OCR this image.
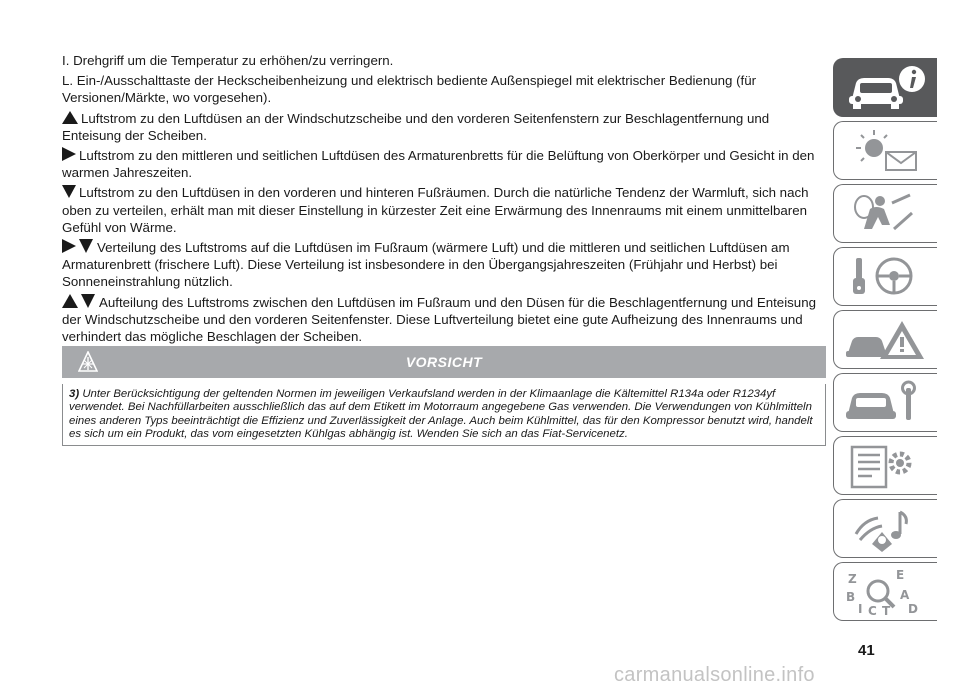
I. Drehgriff um die Temperatur zu erhöhen/zu verringern.

L. Ein-/Ausschalttaste der Heckscheibenheizung und elektrisch bediente Außenspiegel mit elektrischer Bedienung (für Versionen/Märkte, wo vorgesehen).

Luftstrom zu den Luftdüsen an der Windschutzscheibe und den vorderen Seitenfenstern zur Beschlagentfernung und Enteisung der Scheiben.

Luftstrom zu den mittleren und seitlichen Luftdüsen des Armaturenbretts für die Belüftung von Oberkörper und Gesicht in den warmen Jahreszeiten.

Luftstrom zu den Luftdüsen in den vorderen und hinteren Fußräumen. Durch die natürliche Tendenz der Warmluft, sich nach oben zu verteilen, erhält man mit dieser Einstellung in kürzester Zeit eine Erwärmung des Innenraums mit einem unmittelbaren Gefühl von Wärme.

Verteilung des Luftstroms auf die Luftdüsen im Fußraum (wärmere Luft) und die mittleren und seitlichen Luftdüsen am Armaturenbrett (frischere Luft). Diese Verteilung ist insbesondere in den Übergangsjahreszeiten (Frühjahr und Herbst) bei Sonneneinstrahlung nützlich.

Aufteilung des Luftstroms zwischen den Luftdüsen im Fußraum und den Düsen für die Beschlagentfernung und Enteisung der Windschutzscheibe und den vorderen Seitenfenster. Diese Luftverteilung bietet eine gute Aufheizung des Innenraums und verhindert das mögliche Beschlagen der Scheiben.

VORSICHT
3) Unter Berücksichtigung der geltenden Normen im jeweiligen Verkaufsland werden in der Klimaanlage die Kältemittel R134a oder R1234yf verwendet. Bei Nachfüllarbeiten ausschließlich das auf dem Etikett im Motorraum angegebene Gas verwenden. Die Verwendungen von Kühlmitteln eines anderen Typs beeinträchtigt die Effizienz und Zuverlässigkeit der Anlage. Auch beim Kühlmittel, das für den Kompressor benutzt wird, handelt es sich um ein Produkt, das vom eingesetzten Kühlgas abhängig ist. Wenden Sie sich an das Fiat-Servicenetz.
Z	E
B
I C T
A
D
41
carmanualsonline.info
